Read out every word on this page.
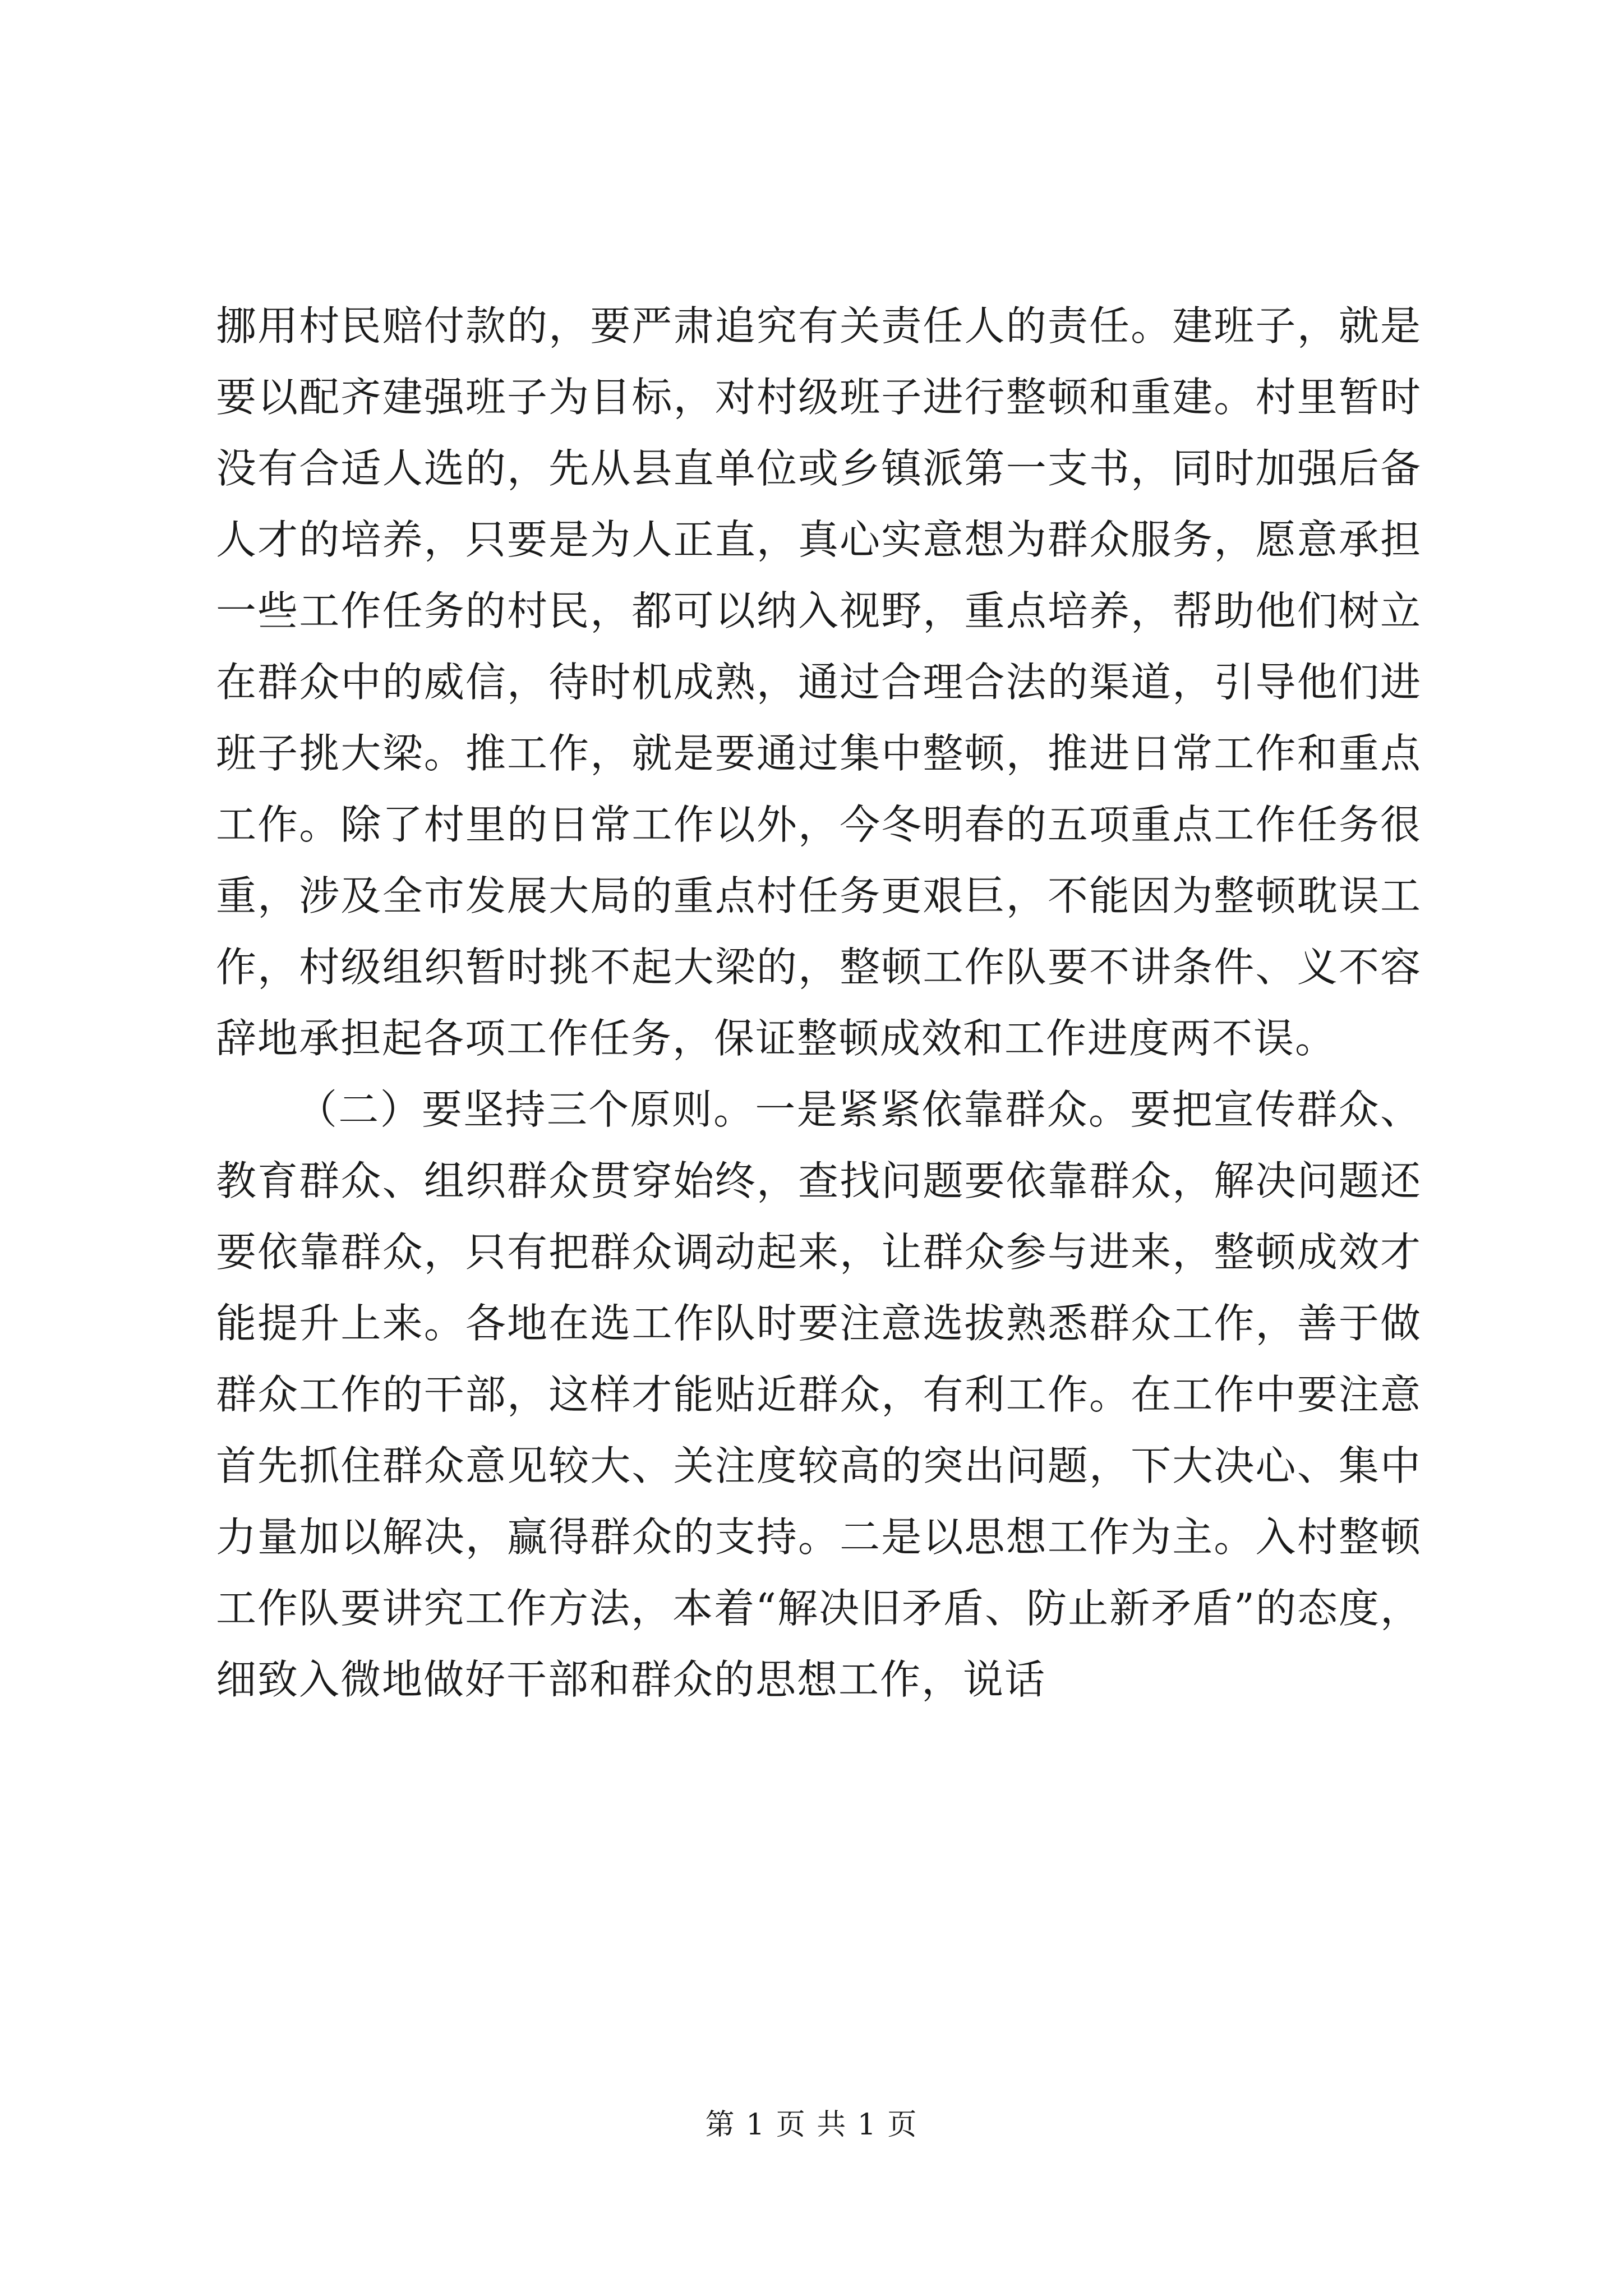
挪用村民赔付款的，要严肃追究有关责任人的责任。建班子，就是要以配齐建强班子为目标，对村级班子进行整顿和重建。村里暂时没有合适人选的，先从县直单位或乡镇派第一支书，同时加强后备人才的培养，只要是为人正直，真心实意想为群众服务，愿意承担一些工作任务的村民，都可以纳入视野，重点培养，帮助他们树立在群众中的威信，待时机成熟，通过合理合法的渠道，引导他们进班子挑大梁。推工作，就是要通过集中整顿，推进日常工作和重点工作。除了村里的日常工作以外，今冬明春的五项重点工作任务很重，涉及全市发展大局的重点村任务更艰巨，不能因为整顿耽误工作，村级组织暂时挑不起大梁的，整顿工作队要不讲条件、义不容辞地承担起各项工作任务，保证整顿成效和工作进度两不误。

（二）要坚持三个原则。一是紧紧依靠群众。要把宣传群众、教育群众、组织群众贯穿始终，查找问题要依靠群众，解决问题还要依靠群众，只有把群众调动起来，让群众参与进来，整顿成效才能提升上来。各地在选工作队时要注意选拔熟悉群众工作，善于做群众工作的干部，这样才能贴近群众，有利工作。在工作中要注意首先抓住群众意见较大、关注度较高的突出问题，下大决心、集中力量加以解决，赢得群众的支持。二是以思想工作为主。入村整顿工作队要讲究工作方法，本着“解决旧矛盾、防止新矛盾”的态度，细致入微地做好干部和群众的思想工作，说话

第 1 页 共 1 页
